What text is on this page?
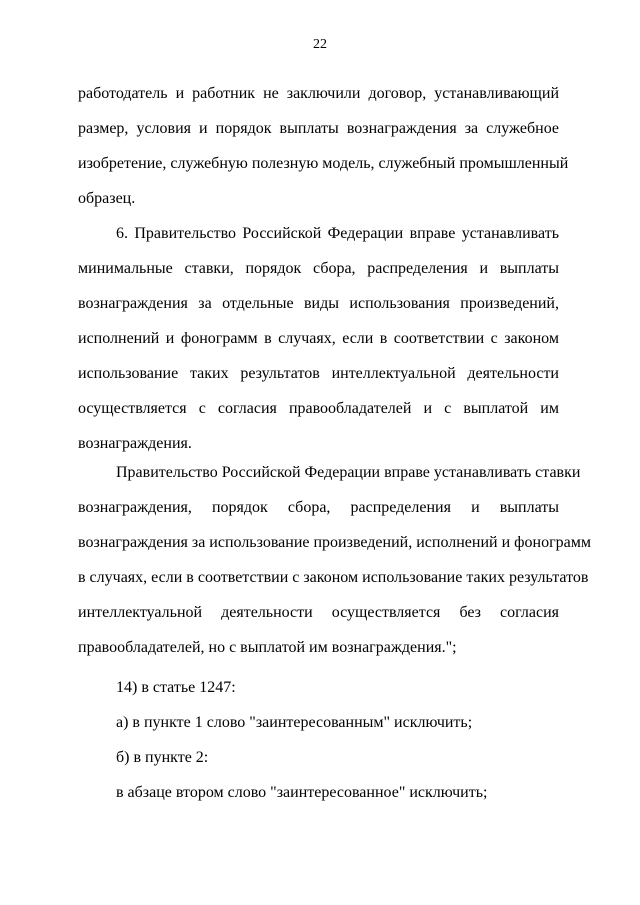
22
работодатель и работник не заключили договор, устанавливающий
размер, условия и порядок выплаты вознаграждения за служебное
изобретение, служебную полезную модель, служебный промышленный
образец.
6. Правительство Российской Федерации вправе устанавливать
минимальные ставки, порядок сбора, распределения и выплаты
вознаграждения за отдельные виды использования произведений,
исполнений и фонограмм в случаях, если в соответствии с законом
использование таких результатов интеллектуальной деятельности
осуществляется с согласия правообладателей и с выплатой им
вознаграждения.
Правительство Российской Федерации вправе устанавливать ставки
вознаграждения, порядок сбора, распределения и выплаты
вознаграждения за использование произведений, исполнений и фонограмм
в случаях, если в соответствии с законом использование таких результатов
интеллектуальной деятельности осуществляется без согласия
правообладателей, но с выплатой им вознаграждения.";
14) в статье 1247:
а) в пункте 1 слово "заинтересованным" исключить;
б) в пункте 2:
в абзаце втором слово "заинтересованное" исключить;
